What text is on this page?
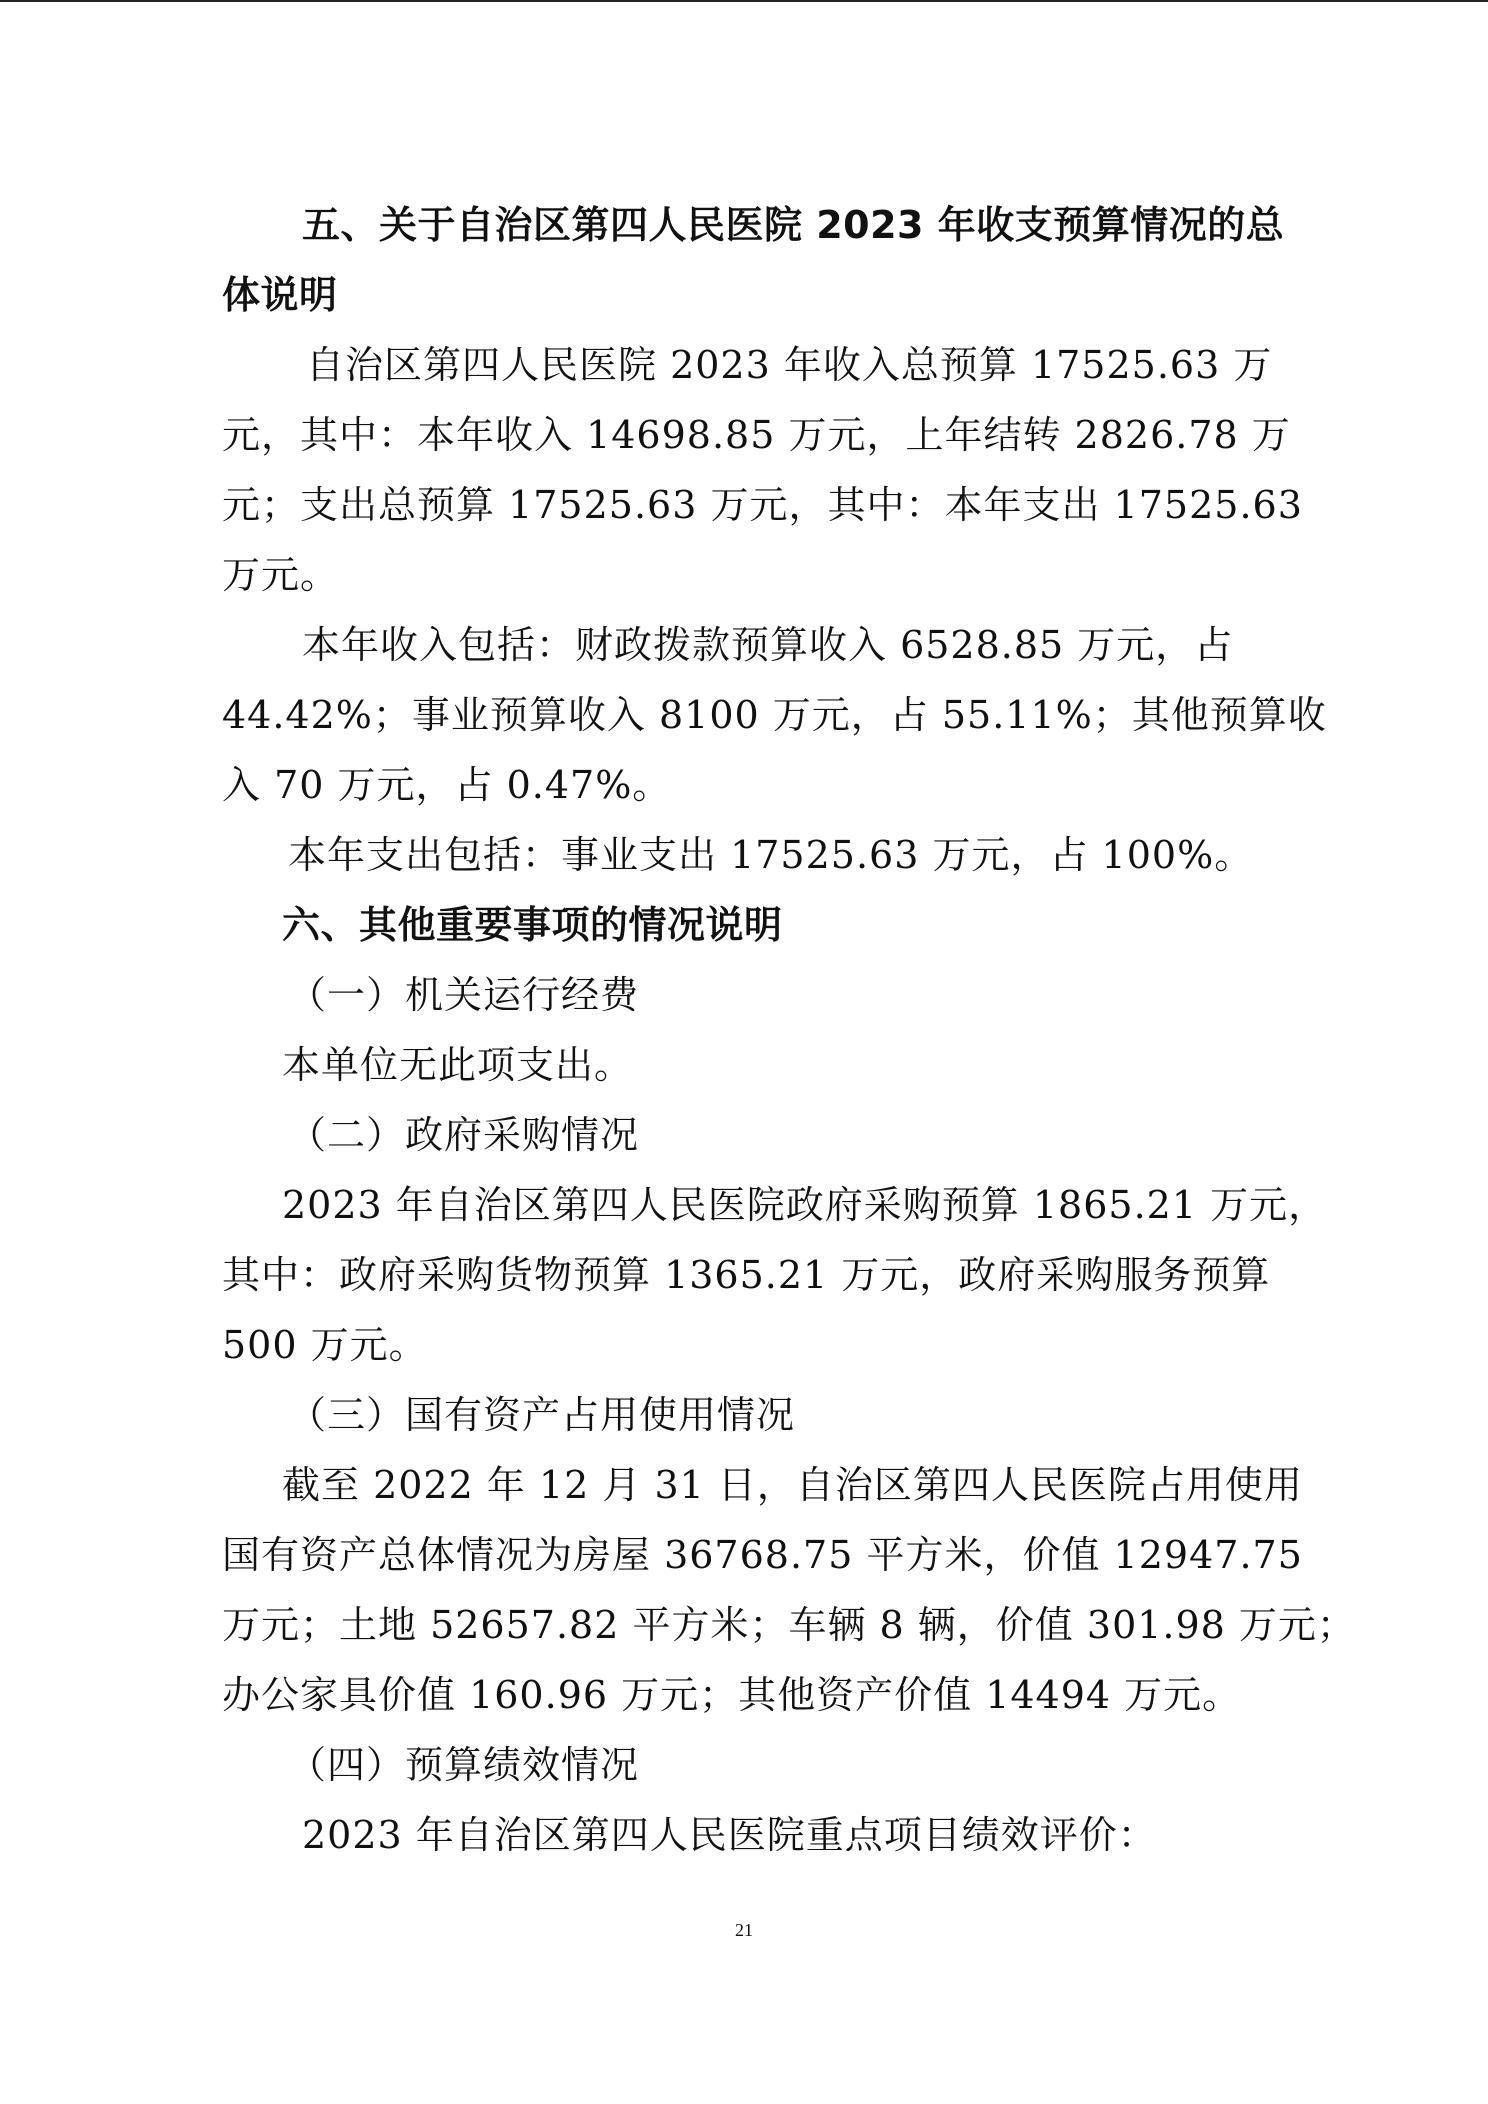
五、关于自治区第四人民医院 2023 年收支预算情况的总
体说明
自治区第四人民医院 2023 年收入总预算 17525.63 万
元，其中：本年收入 14698.85 万元，上年结转 2826.78 万
元；支出总预算 17525.63 万元，其中：本年支出 17525.63
万元。
本年收入包括：财政拨款预算收入 6528.85 万元，占
44.42%；事业预算收入 8100 万元，占 55.11%；其他预算收
入 70 万元，占 0.47%。
本年支出包括：事业支出 17525.63 万元，占 100%。
六、其他重要事项的情况说明
（一）机关运行经费
本单位无此项支出。
（二）政府采购情况
2023 年自治区第四人民医院政府采购预算 1865.21 万元，
其中：政府采购货物预算 1365.21 万元，政府采购服务预算
500 万元。
（三）国有资产占用使用情况
截至 2022 年 12 月 31 日，自治区第四人民医院占用使用
国有资产总体情况为房屋 36768.75 平方米，价值 12947.75
万元；土地 52657.82 平方米；车辆 8 辆，价值 301.98 万元；
办公家具价值 160.96 万元；其他资产价值 14494 万元。
（四）预算绩效情况
2023 年自治区第四人民医院重点项目绩效评价：
21
